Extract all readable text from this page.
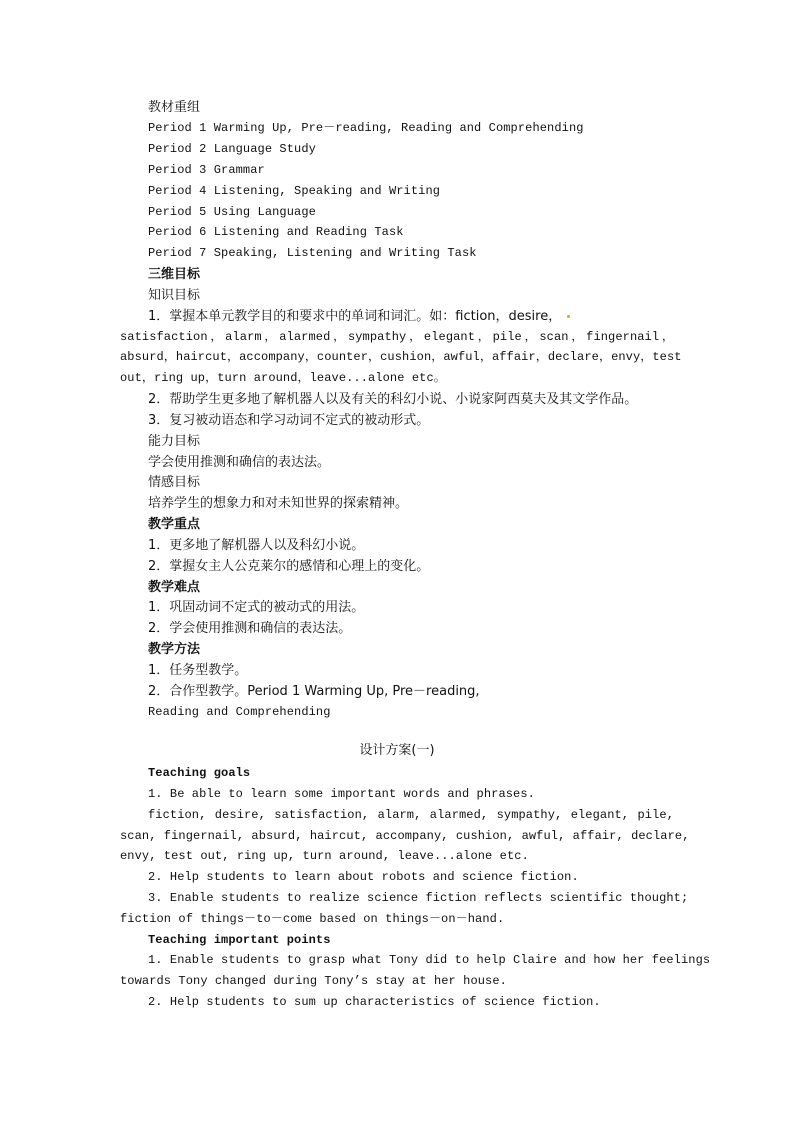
教材重组
Period 1 Warming Up, Pre－reading, Reading and Comprehending
Period 2 Language Study
Period 3 Grammar
Period 4 Listening, Speaking and Writing
Period 5 Using Language
Period 6 Listening and Reading Task
Period 7 Speaking, Listening and Writing Task
三维目标
知识目标
1．掌握本单元教学目的和要求中的单词和词汇。如：fiction，desire，
satisfaction，alarm，alarmed，sympathy，elegant，pile，scan，fingernail，
absurd，haircut，accompany，counter，cushion，awful，affair，declare，envy，test
out，ring up，turn around，leave...alone etc。
2．帮助学生更多地了解机器人以及有关的科幻小说、小说家阿西莫夫及其文学作品。
3．复习被动语态和学习动词不定式的被动形式。
能力目标
学会使用推测和确信的表达法。
情感目标
培养学生的想象力和对未知世界的探索精神。
教学重点
1．更多地了解机器人以及科幻小说。
2．掌握女主人公克莱尔的感情和心理上的变化。
教学难点
1．巩固动词不定式的被动式的用法。
2．学会使用推测和确信的表达法。
教学方法
1．任务型教学。
2．合作型教学。Period 1 Warming Up, Pre－reading,
Reading and Comprehending
设计方案(一)
Teaching goals
1. Be able to learn some important words and phrases.
fiction, desire, satisfaction, alarm, alarmed, sympathy, elegant, pile,
scan, fingernail, absurd, haircut, accompany, cushion, awful, affair, declare,
envy, test out, ring up, turn around, leave...alone etc.
2. Help students to learn about robots and science fiction.
3. Enable students to realize science fiction reflects scientific thought;
fiction of things－to－come based on things－on－hand.
Teaching important points
1. Enable students to grasp what Tony did to help Claire and how her feelings
towards Tony changed during Tony’s stay at her house.
2. Help students to sum up characteristics of science fiction.
